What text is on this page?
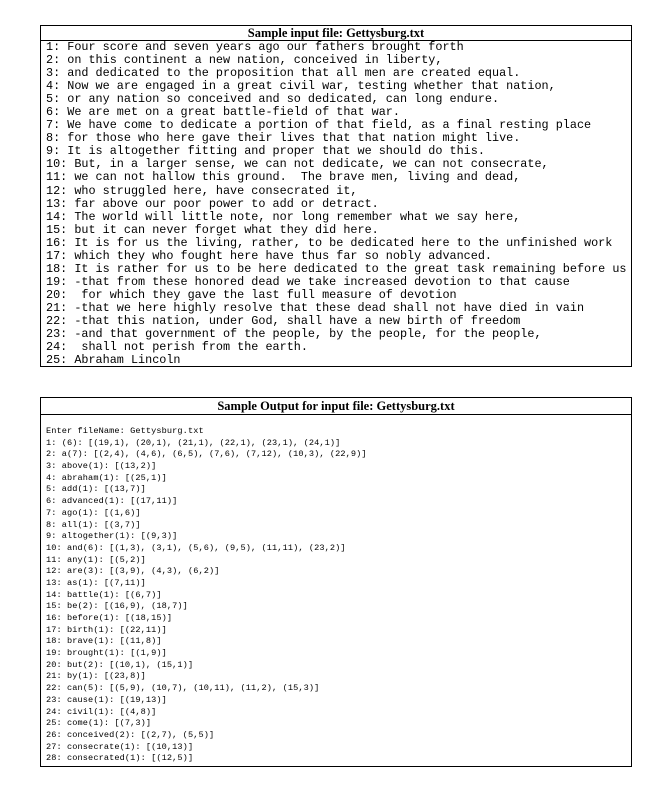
Sample input file: Gettysburg.txt
1: Four score and seven years ago our fathers brought forth
2: on this continent a new nation, conceived in liberty,
3: and dedicated to the proposition that all men are created equal.
4: Now we are engaged in a great civil war, testing whether that nation,
5: or any nation so conceived and so dedicated, can long endure.
6: We are met on a great battle-field of that war.
7: We have come to dedicate a portion of that field, as a final resting place
8: for those who here gave their lives that that nation might live.
9: It is altogether fitting and proper that we should do this.
10: But, in a larger sense, we can not dedicate, we can not consecrate,
11: we can not hallow this ground.  The brave men, living and dead,
12: who struggled here, have consecrated it,
13: far above our poor power to add or detract.
14: The world will little note, nor long remember what we say here,
15: but it can never forget what they did here.
16: It is for us the living, rather, to be dedicated here to the unfinished work
17: which they who fought here have thus far so nobly advanced.
18: It is rather for us to be here dedicated to the great task remaining before us
19: -that from these honored dead we take increased devotion to that cause
20:  for which they gave the last full measure of devotion
21: -that we here highly resolve that these dead shall not have died in vain
22: -that this nation, under God, shall have a new birth of freedom
23: -and that government of the people, by the people, for the people,
24:  shall not perish from the earth.
25: Abraham Lincoln
Sample Output for input file: Gettysburg.txt
Enter fileName: Gettysburg.txt
1: (6): [(19,1), (20,1), (21,1), (22,1), (23,1), (24,1)]
2: a(7): [(2,4), (4,6), (6,5), (7,6), (7,12), (10,3), (22,9)]
3: above(1): [(13,2)]
4: abraham(1): [(25,1)]
5: add(1): [(13,7)]
6: advanced(1): [(17,11)]
7: ago(1): [(1,6)]
8: all(1): [(3,7)]
9: altogether(1): [(9,3)]
10: and(6): [(1,3), (3,1), (5,6), (9,5), (11,11), (23,2)]
11: any(1): [(5,2)]
12: are(3): [(3,9), (4,3), (6,2)]
13: as(1): [(7,11)]
14: battle(1): [(6,7)]
15: be(2): [(16,9), (18,7)]
16: before(1): [(18,15)]
17: birth(1): [(22,11)]
18: brave(1): [(11,8)]
19: brought(1): [(1,9)]
20: but(2): [(10,1), (15,1)]
21: by(1): [(23,8)]
22: can(5): [(5,9), (10,7), (10,11), (11,2), (15,3)]
23: cause(1): [(19,13)]
24: civil(1): [(4,8)]
25: come(1): [(7,3)]
26: conceived(2): [(2,7), (5,5)]
27: consecrate(1): [(10,13)]
28: consecrated(1): [(12,5)]
